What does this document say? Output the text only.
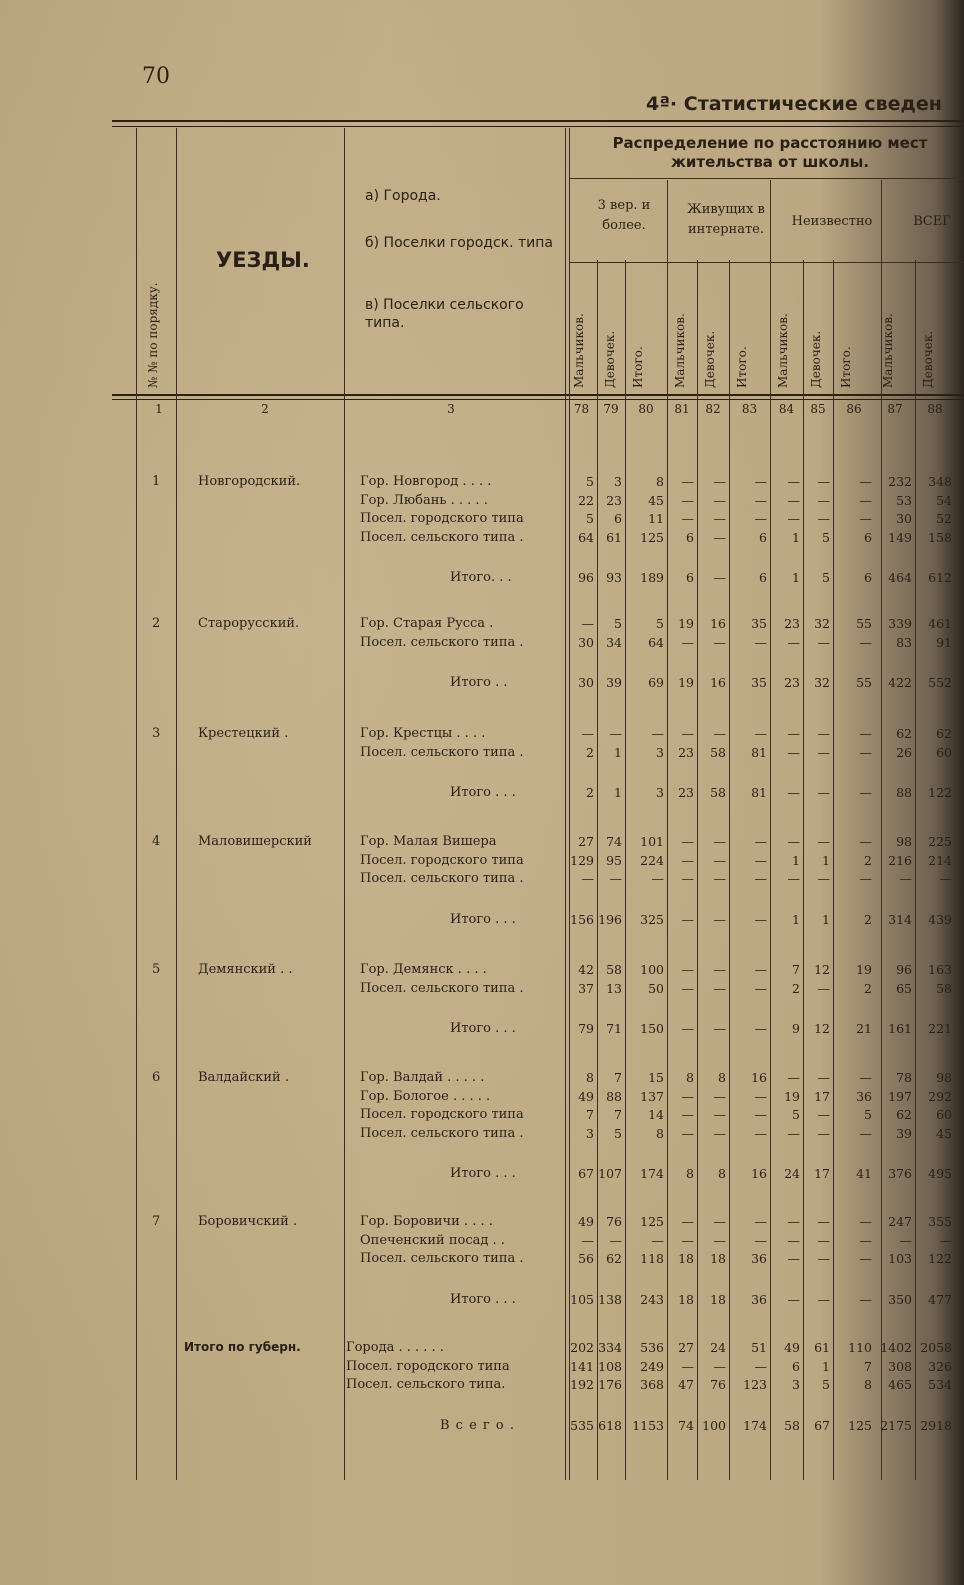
70
4ª· Статистические сведен
№ № по порядку.
УЕЗДЫ.
а) Города.
б) Поселки городск. типа
в) Поселки сельского типа.
Распределение по расстоянию мест жительства от школы.
3 вер. и более.
Живущих в интернате.
Неизвестно	ВСЕГ
Мальчиков. Девочек. Итого. Мальчиков. Девочек. Итого. Мальчиков. Девочек. Итого. Мальчиков. Девочек.
1	2	3	78	79	80	81	82	83	84	85	86	87	88
1	Новгородский.	Гор. Новгород . . . .	5	3	8	—	—	—	—	—	—	232	348
Гор. Любань . . . . .	22 23	45	—	—	—	—	—	—	53	54
Посел. городского типа	5	6	11	—	—	—	—	—	—	30	52
Посел. сельского типа .	64 61	125	6	—	6	1	5	6	149	158
Итого. . .	96 93	189	6	—	6	1	5	6	464	612
2	Старорусский.	Гор. Старая Русса .	—	5	5	19	16	35	23	32	55	339	461
Посел. сельского типа .	30 34	64	—	—	—	—	—	—	83	91
Итого . .	30 39	69	19	16	35	23	32	55	422	552
3	Крестецкий .	Гор. Крестцы . . . .	—	—	—	—	—	—	—	—	—	62	62
Посел. сельского типа .	2	1	3	23	58	81	—	—	—	26	60
Итого . . .	2	1	3	23	58	81	—	—	—	88	122
4	Маловишерский	Гор. Малая Вишера	27 74	101	—	—	—	—	—	—	98	225
Посел. городского типа	129 95	224	—	—	—	1	1	2	216	214
Посел. сельского типа .	—	—	—	—	—	—	—	—	—	—	—
Итого . . .	156 196	325	—	—	—	1	1	2	314	439
5	Демянский . .	Гор. Демянск . . . .	42 58	100	—	—	—	7	12	19	96	163
Посел. сельского типа .	37 13	50	—	—	—	2	—	2	65	58
Итого . . .	79 71	150	—	—	—	9	12	21	161	221
6	Валдайский .	Гор. Валдай . . . . .	8	7	15	8	8	16	—	—	—	78	98
Гор. Бологое . . . . .	49 88	137	—	—	—	19	17	36	197	292
Посел. городского типа	7	7	14	—	—	—	5	—	5	62	60
Посел. сельского типа .	3	5	8	—	—	—	—	—	—	39	45
Итого . . .	67 107	174	8	8	16	24	17	41	376	495
7	Боровичский .	Гор. Боровичи . . . .	49 76	125	—	—	—	—	—	—	247	355
Опеченский посад . .	—	—	—	—	—	—	—	—	—	—	—
Посел. сельского типа .	56 62	118	18	18	36	—	—	—	103	122
Итого . . .	105 138	243	18	18	36	—	—	—	350	477
Итого по губерн.	Города . . . . . .	202 334	536	27	24	51	49	61	110 1402 2058
Посел. городского типа	141 108	249	—	—	—	6	1	7	308	326
Посел. сельского типа.	192 176	368	47	76	123	3	5	8	465	534
В с е г о .	535 618 1153	74 100	174	58	67	125 2175 2918
